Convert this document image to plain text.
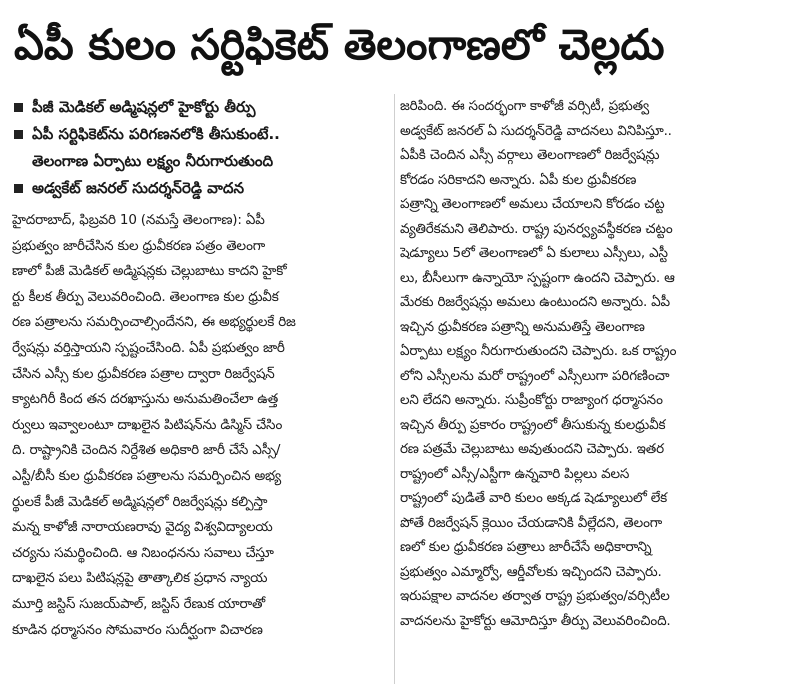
ఏపీ కులం సర్టిఫికెట్ తెలంగాణలో చెల్లదు
పీజీ మెడికల్ అడ్మిషన్లలో హైకోర్టు తీర్పు
ఏపీ సర్టిఫికెట్‌ను పరిగణనలోకి తీసుకుంటే..
తెలంగాణ ఏర్పాటు లక్ష్యం నీరుగారుతుంది
అడ్వకేట్ జనరల్ సుదర్శన్‌రెడ్డి వాదన
హైదరాబాద్, ఫిబ్రవరి 10 (నమస్తే తెలంగాణ): ఏపీ
ప్రభుత్వం జారీచేసిన కుల ధ్రువీకరణ పత్రం తెలంగా
ణాలో పీజీ మెడికల్ అడ్మిషన్లకు చెల్లుబాటు కాదని హైకో
ర్టు కీలక తీర్పు వెలువరించింది. తెలంగాణ కుల ధ్రువీక
రణ పత్రాలను సమర్పించాల్సిందేనని, ఈ అభ్యర్థులకే రిజ
ర్వేషన్లు వర్తిస్తాయని స్పష్టంచేసింది. ఏపీ ప్రభుత్వం జారీ
చేసిన ఎస్సీ కుల ధ్రువీకరణ పత్రాల ద్వారా రిజర్వేషన్
క్యాటగిరీ కింద తన దరఖాస్తును అనుమతించేలా ఉత్త
ర్వులు ఇవ్వాలంటూ దాఖలైన పిటిషన్‌ను డిస్మిస్ చేసిం
ది. రాష్ట్రానికి చెందిన నిర్దేశిత అధికారి జారీ చేసే ఎస్సీ/
ఎస్టీ/బీసీ కుల ధ్రువీకరణ పత్రాలను సమర్పించిన అభ్య
ర్థులకే పీజీ మెడికల్ అడ్మిషన్లలో రిజర్వేషన్లు కల్పిస్తా
మన్న కాళోజీ నారాయణరావు వైద్య విశ్వవిద్యాలయ
చర్యను సమర్థించింది. ఆ నిబంధనను సవాలు చేస్తూ
దాఖలైన పలు పిటిషన్లపై తాత్కాలిక ప్రధాన న్యాయ
మూర్తి జస్టిస్ సుజయ్‌పాల్, జస్టిస్ రేణుక యారాతో
కూడిన ధర్మాసనం సోమవారం సుదీర్ఘంగా విచారణ
జరిపింది. ఈ సందర్భంగా కాళోజీ వర్సిటీ, ప్రభుత్వ
అడ్వకేట్ జనరల్ ఏ సుదర్శన్‌రెడ్డి వాదనలు వినిపిస్తూ..
ఏపీకి చెందిన ఎస్సీ వర్గాలు తెలంగాణలో రిజర్వేషన్లు
కోరడం సరికాదని అన్నారు. ఏపీ కుల ధ్రువీకరణ
పత్రాన్ని తెలంగాణలో అమలు చేయాలని కోరడం చట్ట
వ్యతిరేకమని తెలిపారు. రాష్ట్ర పునర్వ్యవస్థీకరణ చట్టం
షెడ్యూలు 5లో తెలంగాణలో ఏ కులాలు ఎస్సీలు, ఎస్టీ
లు, బీసీలుగా ఉన్నాయో స్పష్టంగా ఉందని చెప్పారు. ఆ
మేరకు రిజర్వేషన్లు అమలు ఉంటుందని అన్నారు. ఏపీ
ఇచ్చిన ధ్రువీకరణ పత్రాన్ని అనుమతిస్తే తెలంగాణ
ఏర్పాటు లక్ష్యం నీరుగారుతుందని చెప్పారు. ఒక రాష్ట్రం
లోని ఎస్సీలను మరో రాష్ట్రంలో ఎస్సీలుగా పరిగణించా
లని లేదని అన్నారు. సుప్రీంకోర్టు రాజ్యాంగ ధర్మాసనం
ఇచ్చిన తీర్పు ప్రకారం రాష్ట్రంలో తీసుకున్న కులధ్రువీక
రణ పత్రమే చెల్లుబాటు అవుతుందని చెప్పారు. ఇతర
రాష్ట్రంలో ఎస్సీ/ఎస్టీగా ఉన్నవారి పిల్లలు వలస
రాష్ట్రంలో పుడితే వారి కులం అక్కడ షెడ్యూలులో లేక
పోతే రిజర్వేషన్ క్లెయిం చేయడానికి వీల్లేదని, తెలంగా
ణలో కుల ధ్రువీకరణ పత్రాలు జారీచేసే అధికారాన్ని
ప్రభుత్వం ఎమ్మార్వో, ఆర్డీవోలకు ఇచ్చిందని చెప్పారు.
ఇరుపక్షాల వాదనల తర్వాత రాష్ట్ర ప్రభుత్వం/వర్సిటీల
వాదనలను హైకోర్టు ఆమోదిస్తూ తీర్పు వెలువరించింది.
